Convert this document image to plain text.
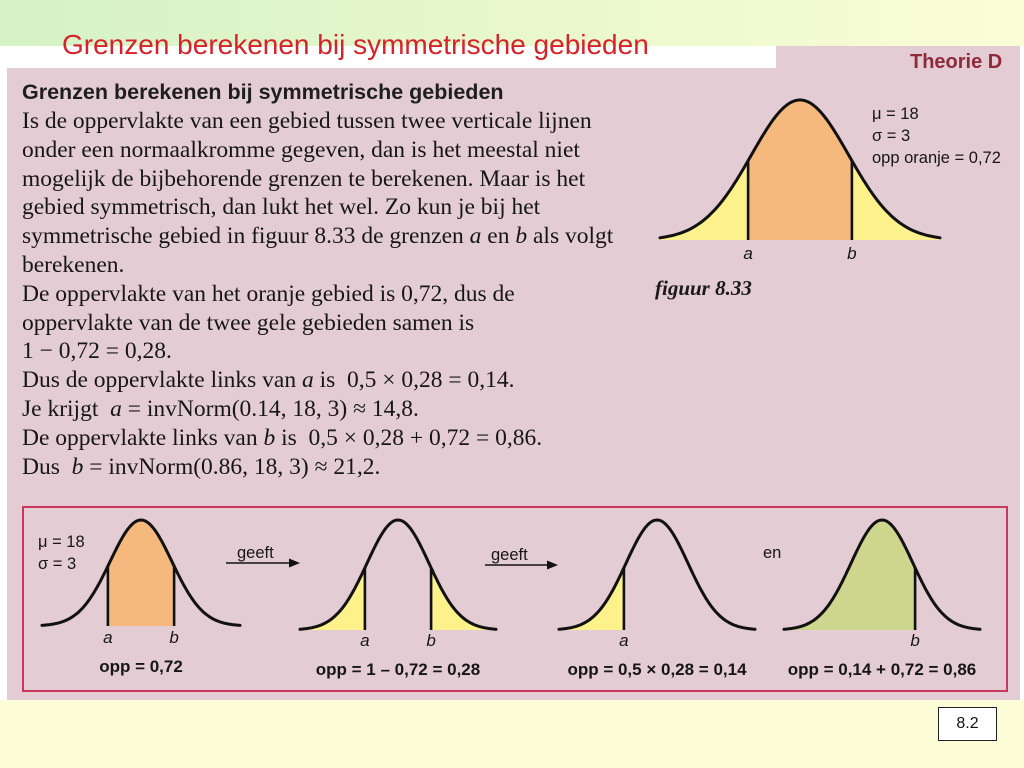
a	b
a	b	a	b	a	b
Grenzen berekenen bij symmetrische gebieden
Theorie D
Grenzen berekenen bij symmetrische gebieden
Is de oppervlakte van een gebied tussen twee verticale lijnen
onder een normaalkromme gegeven, dan is het meestal niet
mogelijk de bijbehorende grenzen te berekenen. Maar is het
gebied symmetrisch, dan lukt het wel. Zo kun je bij het
symmetrische gebied in figuur 8.33 de grenzen a en b als volgt
berekenen.
De oppervlakte van het oranje gebied is 0,72, dus de
oppervlakte van de twee gele gebieden samen is
1 − 0,72 = 0,28.
Dus de oppervlakte links van a is  0,5 × 0,28 = 0,14.
Je krijgt  a = invNorm(0.14, 18, 3) ≈ 14,8.
De oppervlakte links van b is  0,5 × 0,28 + 0,72 = 0,86.
Dus  b = invNorm(0.86, 18, 3) ≈ 21,2.
μ = 18
σ = 3
opp oranje = 0,72
figuur 8.33
μ = 18
σ = 3
geeft	geeft	en
opp = 0,72	opp = 1 – 0,72 = 0,28	opp = 0,5 × 0,28 = 0,14	opp = 0,14 + 0,72 = 0,86
8.2
